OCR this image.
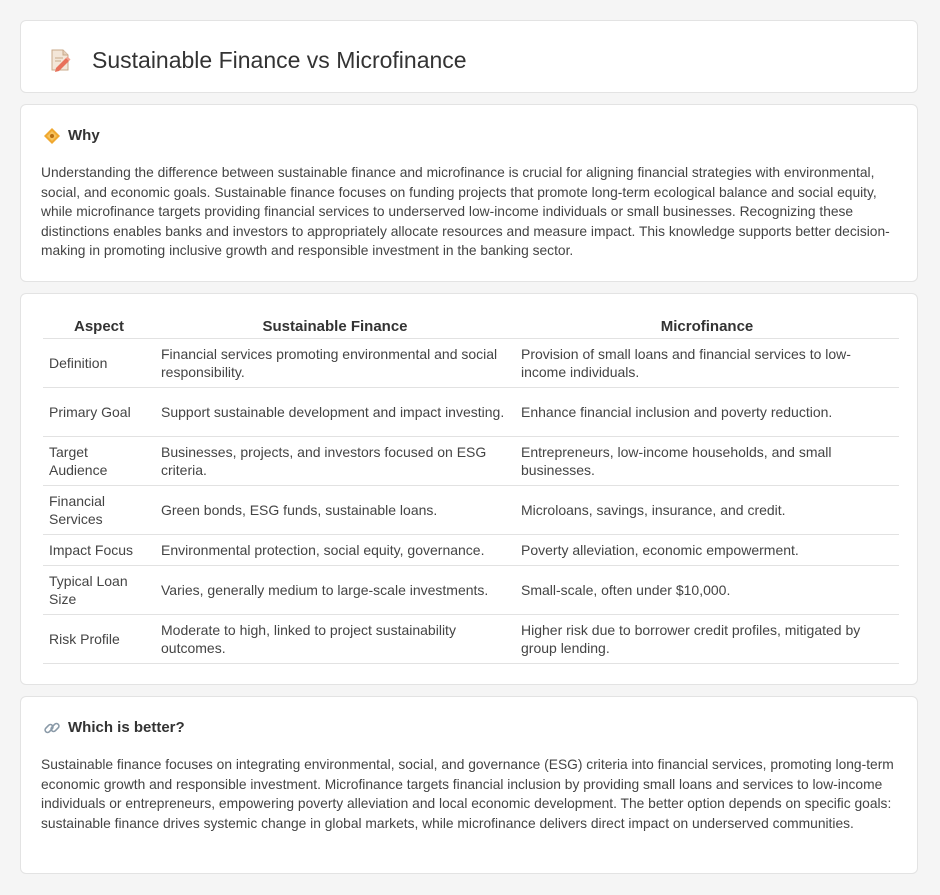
Sustainable Finance vs Microfinance
Why

Understanding the difference between sustainable finance and microfinance is crucial for aligning financial strategies with environmental, social, and economic goals. Sustainable finance focuses on funding projects that promote long-term ecological balance and social equity, while microfinance targets providing financial services to underserved low-income individuals or small businesses. Recognizing these distinctions enables banks and investors to appropriately allocate resources and measure impact. This knowledge supports better decision-making in promoting inclusive growth and responsible investment in the banking sector.

Aspect	Sustainable Finance	Microfinance
Definition	Financial services promoting environmental and social responsibility.	Provision of small loans and financial services to low-income individuals.
Primary Goal	Support sustainable development and impact investing.	Enhance financial inclusion and poverty reduction.
Target Audience	Businesses, projects, and investors focused on ESG criteria.	Entrepreneurs, low-income households, and small businesses.
Financial Services	Green bonds, ESG funds, sustainable loans.	Microloans, savings, insurance, and credit.
Impact Focus	Environmental protection, social equity, governance.	Poverty alleviation, economic empowerment.
Typical Loan Size	Varies, generally medium to large-scale investments.	Small-scale, often under $10,000.
Risk Profile	Moderate to high, linked to project sustainability outcomes.	Higher risk due to borrower credit profiles, mitigated by group lending.
Which is better?

Sustainable finance focuses on integrating environmental, social, and governance (ESG) criteria into financial services, promoting long-term economic growth and responsible investment. Microfinance targets financial inclusion by providing small loans and services to low-income individuals or entrepreneurs, empowering poverty alleviation and local economic development. The better option depends on specific goals: sustainable finance drives systemic change in global markets, while microfinance delivers direct impact on underserved communities.
